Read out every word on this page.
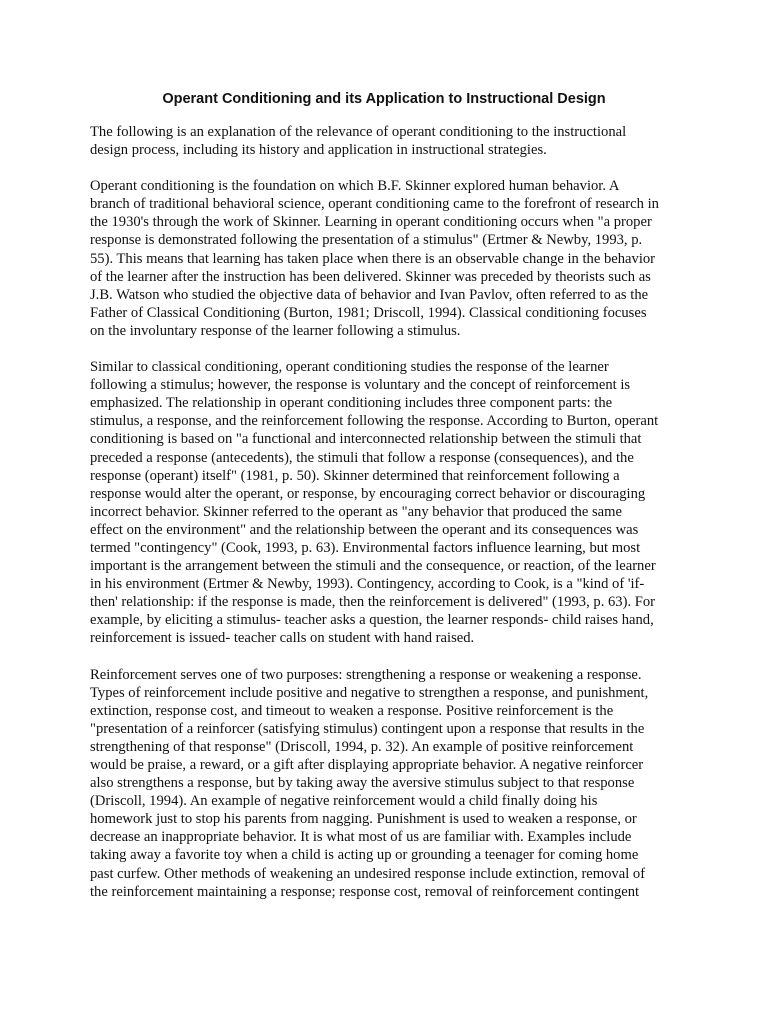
Operant Conditioning and its Application to Instructional Design

The following is an explanation of the relevance of operant conditioning to the instructional
design process, including its history and application in instructional strategies.

Operant conditioning is the foundation on which B.F. Skinner explored human behavior. A
branch of traditional behavioral science, operant conditioning came to the forefront of research in
the 1930's through the work of Skinner. Learning in operant conditioning occurs when "a proper
response is demonstrated following the presentation of a stimulus" (Ertmer & Newby, 1993, p.
55). This means that learning has taken place when there is an observable change in the behavior
of the learner after the instruction has been delivered. Skinner was preceded by theorists such as
J.B. Watson who studied the objective data of behavior and Ivan Pavlov, often referred to as the
Father of Classical Conditioning (Burton, 1981; Driscoll, 1994). Classical conditioning focuses
on the involuntary response of the learner following a stimulus.

Similar to classical conditioning, operant conditioning studies the response of the learner
following a stimulus; however, the response is voluntary and the concept of reinforcement is
emphasized. The relationship in operant conditioning includes three component parts: the
stimulus, a response, and the reinforcement following the response. According to Burton, operant
conditioning is based on "a functional and interconnected relationship between the stimuli that
preceded a response (antecedents), the stimuli that follow a response (consequences), and the
response (operant) itself" (1981, p. 50). Skinner determined that reinforcement following a
response would alter the operant, or response, by encouraging correct behavior or discouraging
incorrect behavior. Skinner referred to the operant as "any behavior that produced the same
effect on the environment" and the relationship between the operant and its consequences was
termed "contingency" (Cook, 1993, p. 63). Environmental factors influence learning, but most
important is the arrangement between the stimuli and the consequence, or reaction, of the learner
in his environment (Ertmer & Newby, 1993). Contingency, according to Cook, is a "kind of 'if-
then' relationship: if the response is made, then the reinforcement is delivered" (1993, p. 63). For
example, by eliciting a stimulus- teacher asks a question, the learner responds- child raises hand,
reinforcement is issued- teacher calls on student with hand raised.

Reinforcement serves one of two purposes: strengthening a response or weakening a response.
Types of reinforcement include positive and negative to strengthen a response, and punishment,
extinction, response cost, and timeout to weaken a response. Positive reinforcement is the
"presentation of a reinforcer (satisfying stimulus) contingent upon a response that results in the
strengthening of that response" (Driscoll, 1994, p. 32). An example of positive reinforcement
would be praise, a reward, or a gift after displaying appropriate behavior. A negative reinforcer
also strengthens a response, but by taking away the aversive stimulus subject to that response
(Driscoll, 1994). An example of negative reinforcement would a child finally doing his
homework just to stop his parents from nagging. Punishment is used to weaken a response, or
decrease an inappropriate behavior. It is what most of us are familiar with. Examples include
taking away a favorite toy when a child is acting up or grounding a teenager for coming home
past curfew. Other methods of weakening an undesired response include extinction, removal of
the reinforcement maintaining a response; response cost, removal of reinforcement contingent
